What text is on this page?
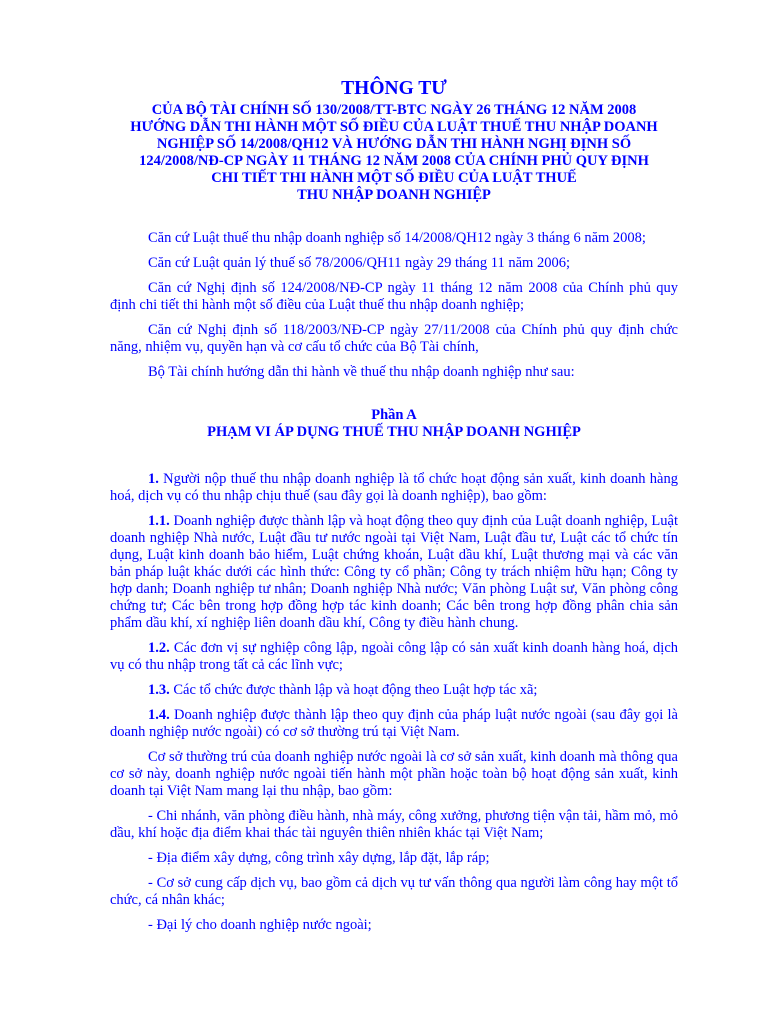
THÔNG TƯ
CỦA BỘ TÀI CHÍNH SỐ 130/2008/TT-BTC NGÀY 26 THÁNG 12 NĂM 2008
HƯỚNG DẪN THI HÀNH MỘT SỐ ĐIỀU CỦA LUẬT THUẾ THU NHẬP DOANH
NGHIỆP SỐ 14/2008/QH12 VÀ HƯỚNG DẪN THI HÀNH NGHỊ ĐỊNH SỐ
124/2008/NĐ-CP NGÀY 11 THÁNG 12 NĂM 2008 CỦA CHÍNH PHỦ QUY ĐỊNH
CHI TIẾT THI HÀNH MỘT SỐ ĐIỀU CỦA LUẬT THUẾ
THU NHẬP DOANH NGHIỆP

Căn cứ Luật thuế thu nhập doanh nghiệp số 14/2008/QH12 ngày 3 tháng 6 năm 2008;

Căn cứ Luật quản lý thuế số 78/2006/QH11 ngày 29 tháng 11 năm 2006;

Căn cứ Nghị định số 124/2008/NĐ-CP ngày 11 tháng 12 năm 2008 của Chính phủ quy định chi tiết thi hành một số điều của Luật thuế thu nhập doanh nghiệp;

Căn cứ Nghị định số 118/2003/NĐ-CP ngày 27/11/2008 của Chính phủ quy định chức năng, nhiệm vụ, quyền hạn và cơ cấu tổ chức của Bộ Tài chính,

Bộ Tài chính hướng dẫn thi hành về thuế thu nhập doanh nghiệp như sau:

Phần A
PHẠM VI ÁP DỤNG THUẾ THU NHẬP DOANH NGHIỆP

1. Người nộp thuế thu nhập doanh nghiệp là tổ chức hoạt động sản xuất, kinh doanh hàng hoá, dịch vụ có thu nhập chịu thuế (sau đây gọi là doanh nghiệp), bao gồm:

1.1. Doanh nghiệp được thành lập và hoạt động theo quy định của Luật doanh nghiệp, Luật doanh nghiệp Nhà nước, Luật đầu tư nước ngoài tại Việt Nam, Luật đầu tư, Luật các tổ chức tín dụng, Luật kinh doanh bảo hiểm, Luật chứng khoán, Luật dầu khí, Luật thương mại và các văn bản pháp luật khác dưới các hình thức: Công ty cổ phần; Công ty trách nhiệm hữu hạn; Công ty hợp danh; Doanh nghiệp tư nhân; Doanh nghiệp Nhà nước; Văn phòng Luật sư, Văn phòng công chứng tư; Các bên trong hợp đồng hợp tác kinh doanh; Các bên trong hợp đồng phân chia sản phẩm dầu khí, xí nghiệp liên doanh dầu khí, Công ty điều hành chung.

1.2. Các đơn vị sự nghiệp công lập, ngoài công lập có sản xuất kinh doanh hàng hoá, dịch vụ có thu nhập trong tất cả các lĩnh vực;

1.3. Các tổ chức được thành lập và hoạt động theo Luật hợp tác xã;

1.4. Doanh nghiệp được thành lập theo quy định của pháp luật nước ngoài (sau đây gọi là doanh nghiệp nước ngoài) có cơ sở thường trú tại Việt Nam.

Cơ sở thường trú của doanh nghiệp nước ngoài là cơ sở sản xuất, kinh doanh mà thông qua cơ sở này, doanh nghiệp nước ngoài tiến hành một phần hoặc toàn bộ hoạt động sản xuất, kinh doanh tại Việt Nam mang lại thu nhập, bao gồm:

- Chi nhánh, văn phòng điều hành, nhà máy, công xưởng, phương tiện vận tải, hầm mỏ, mỏ dầu, khí hoặc địa điểm khai thác tài nguyên thiên nhiên khác tại Việt Nam;

- Địa điểm xây dựng, công trình xây dựng, lắp đặt, lắp ráp;

- Cơ sở cung cấp dịch vụ, bao gồm cả dịch vụ tư vấn thông qua người làm công hay một tổ chức, cá nhân khác;

- Đại lý cho doanh nghiệp nước ngoài;
